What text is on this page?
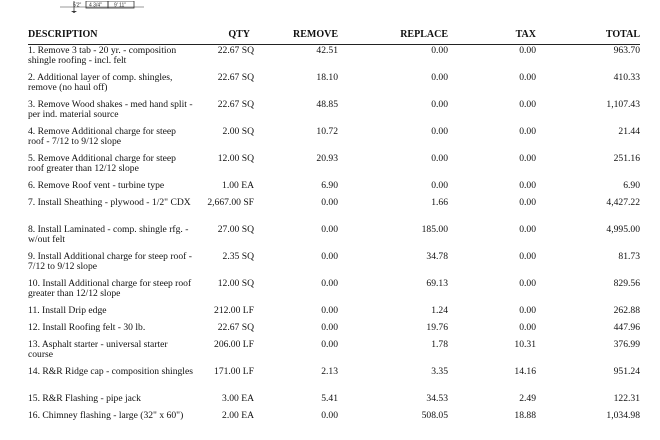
5'2" 4 3/4" 9' 11"
DESCRIPTION	QTY	REMOVE	REPLACE	TAX	TOTAL
1. Remove 3 tab - 20 yr. - composition shingle roofing - incl. felt	22.67 SQ	42.51	0.00	0.00	963.70
2. Additional layer of comp. shingles, remove (no haul off)	22.67 SQ	18.10	0.00	0.00	410.33
3. Remove Wood shakes - med hand split - per ind. material source	22.67 SQ	48.85	0.00	0.00	1,107.43
4. Remove Additional charge for steep roof - 7/12 to 9/12 slope	2.00 SQ	10.72	0.00	0.00	21.44
5. Remove Additional charge for steep roof greater than 12/12 slope	12.00 SQ	20.93	0.00	0.00	251.16
6. Remove Roof vent - turbine type	1.00 EA	6.90	0.00	0.00	6.90
7. Install Sheathing - plywood - 1/2" CDX	2,667.00 SF	0.00	1.66	0.00	4,427.22
8. Install Laminated - comp. shingle rfg. - w/out felt	27.00 SQ	0.00	185.00	0.00	4,995.00
9. Install Additional charge for steep roof - 7/12 to 9/12 slope	2.35 SQ	0.00	34.78	0.00	81.73
10. Install Additional charge for steep roof greater than 12/12 slope	12.00 SQ	0.00	69.13	0.00	829.56
11. Install Drip edge	212.00 LF	0.00	1.24	0.00	262.88
12. Install Roofing felt - 30 lb.	22.67 SQ	0.00	19.76	0.00	447.96
13. Asphalt starter - universal starter course	206.00 LF	0.00	1.78	10.31	376.99
14. R&R Ridge cap - composition shingles	171.00 LF	2.13	3.35	14.16	951.24
15. R&R Flashing - pipe jack	3.00 EA	5.41	34.53	2.49	122.31
16. Chimney flashing - large (32" x 60")	2.00 EA	0.00	508.05	18.88	1,034.98
